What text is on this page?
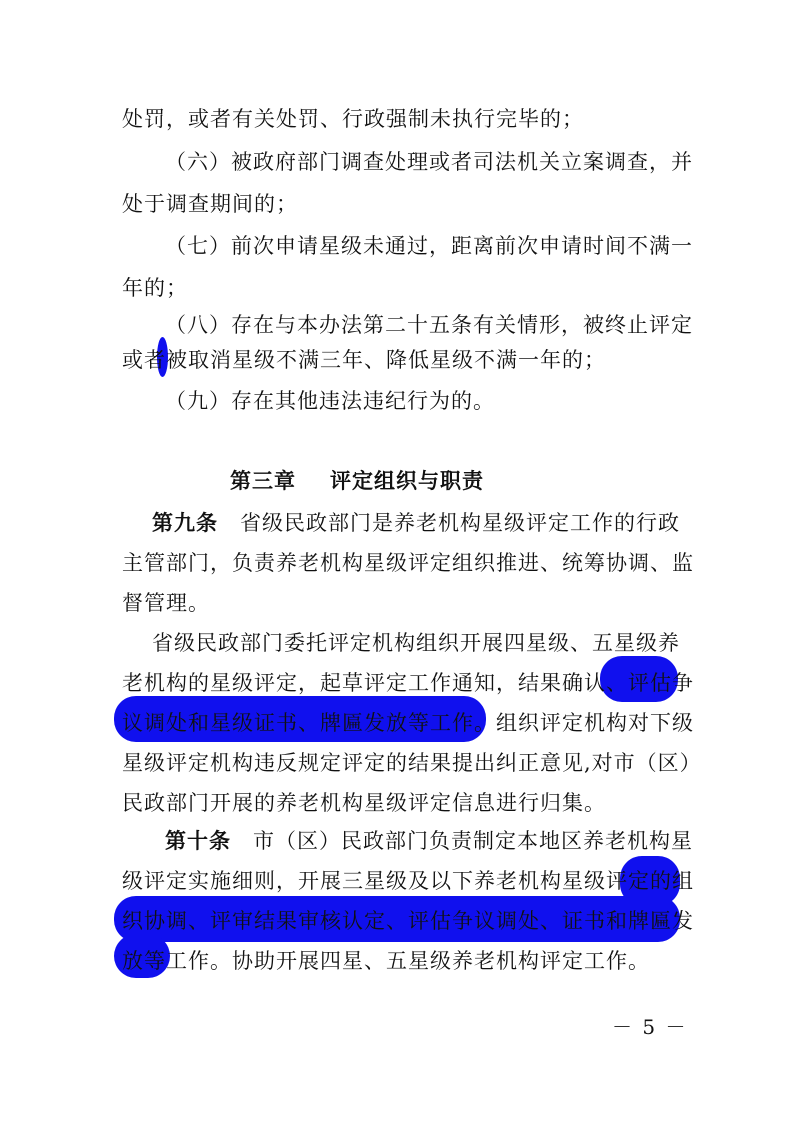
处罚，或者有关处罚、行政强制未执行完毕的；
（六）被政府部门调查处理或者司法机关立案调查，并
处于调查期间的；
（七）前次申请星级未通过，距离前次申请时间不满一
年的；
（八）存在与本办法第二十五条有关情形，被终止评定
或者被取消星级不满三年、降低星级不满一年的；
（九）存在其他违法违纪行为的。
第三章 评定组织与职责
第九条 省级民政部门是养老机构星级评定工作的行政
主管部门，负责养老机构星级评定组织推进、统筹协调、监
督管理。
省级民政部门委托评定机构组织开展四星级、五星级养
老机构的星级评定，起草评定工作通知，结果确认、评估争
议调处和星级证书、牌匾发放等工作。组织评定机构对下级
星级评定机构违反规定评定的结果提出纠正意见,对市（区）
民政部门开展的养老机构星级评定信息进行归集。
第十条 市（区）民政部门负责制定本地区养老机构星
级评定实施细则，开展三星级及以下养老机构星级评定的组
织协调、评审结果审核认定、评估争议调处、证书和牌匾发
放等工作。协助开展四星、五星级养老机构评定工作。
－ 5 －
